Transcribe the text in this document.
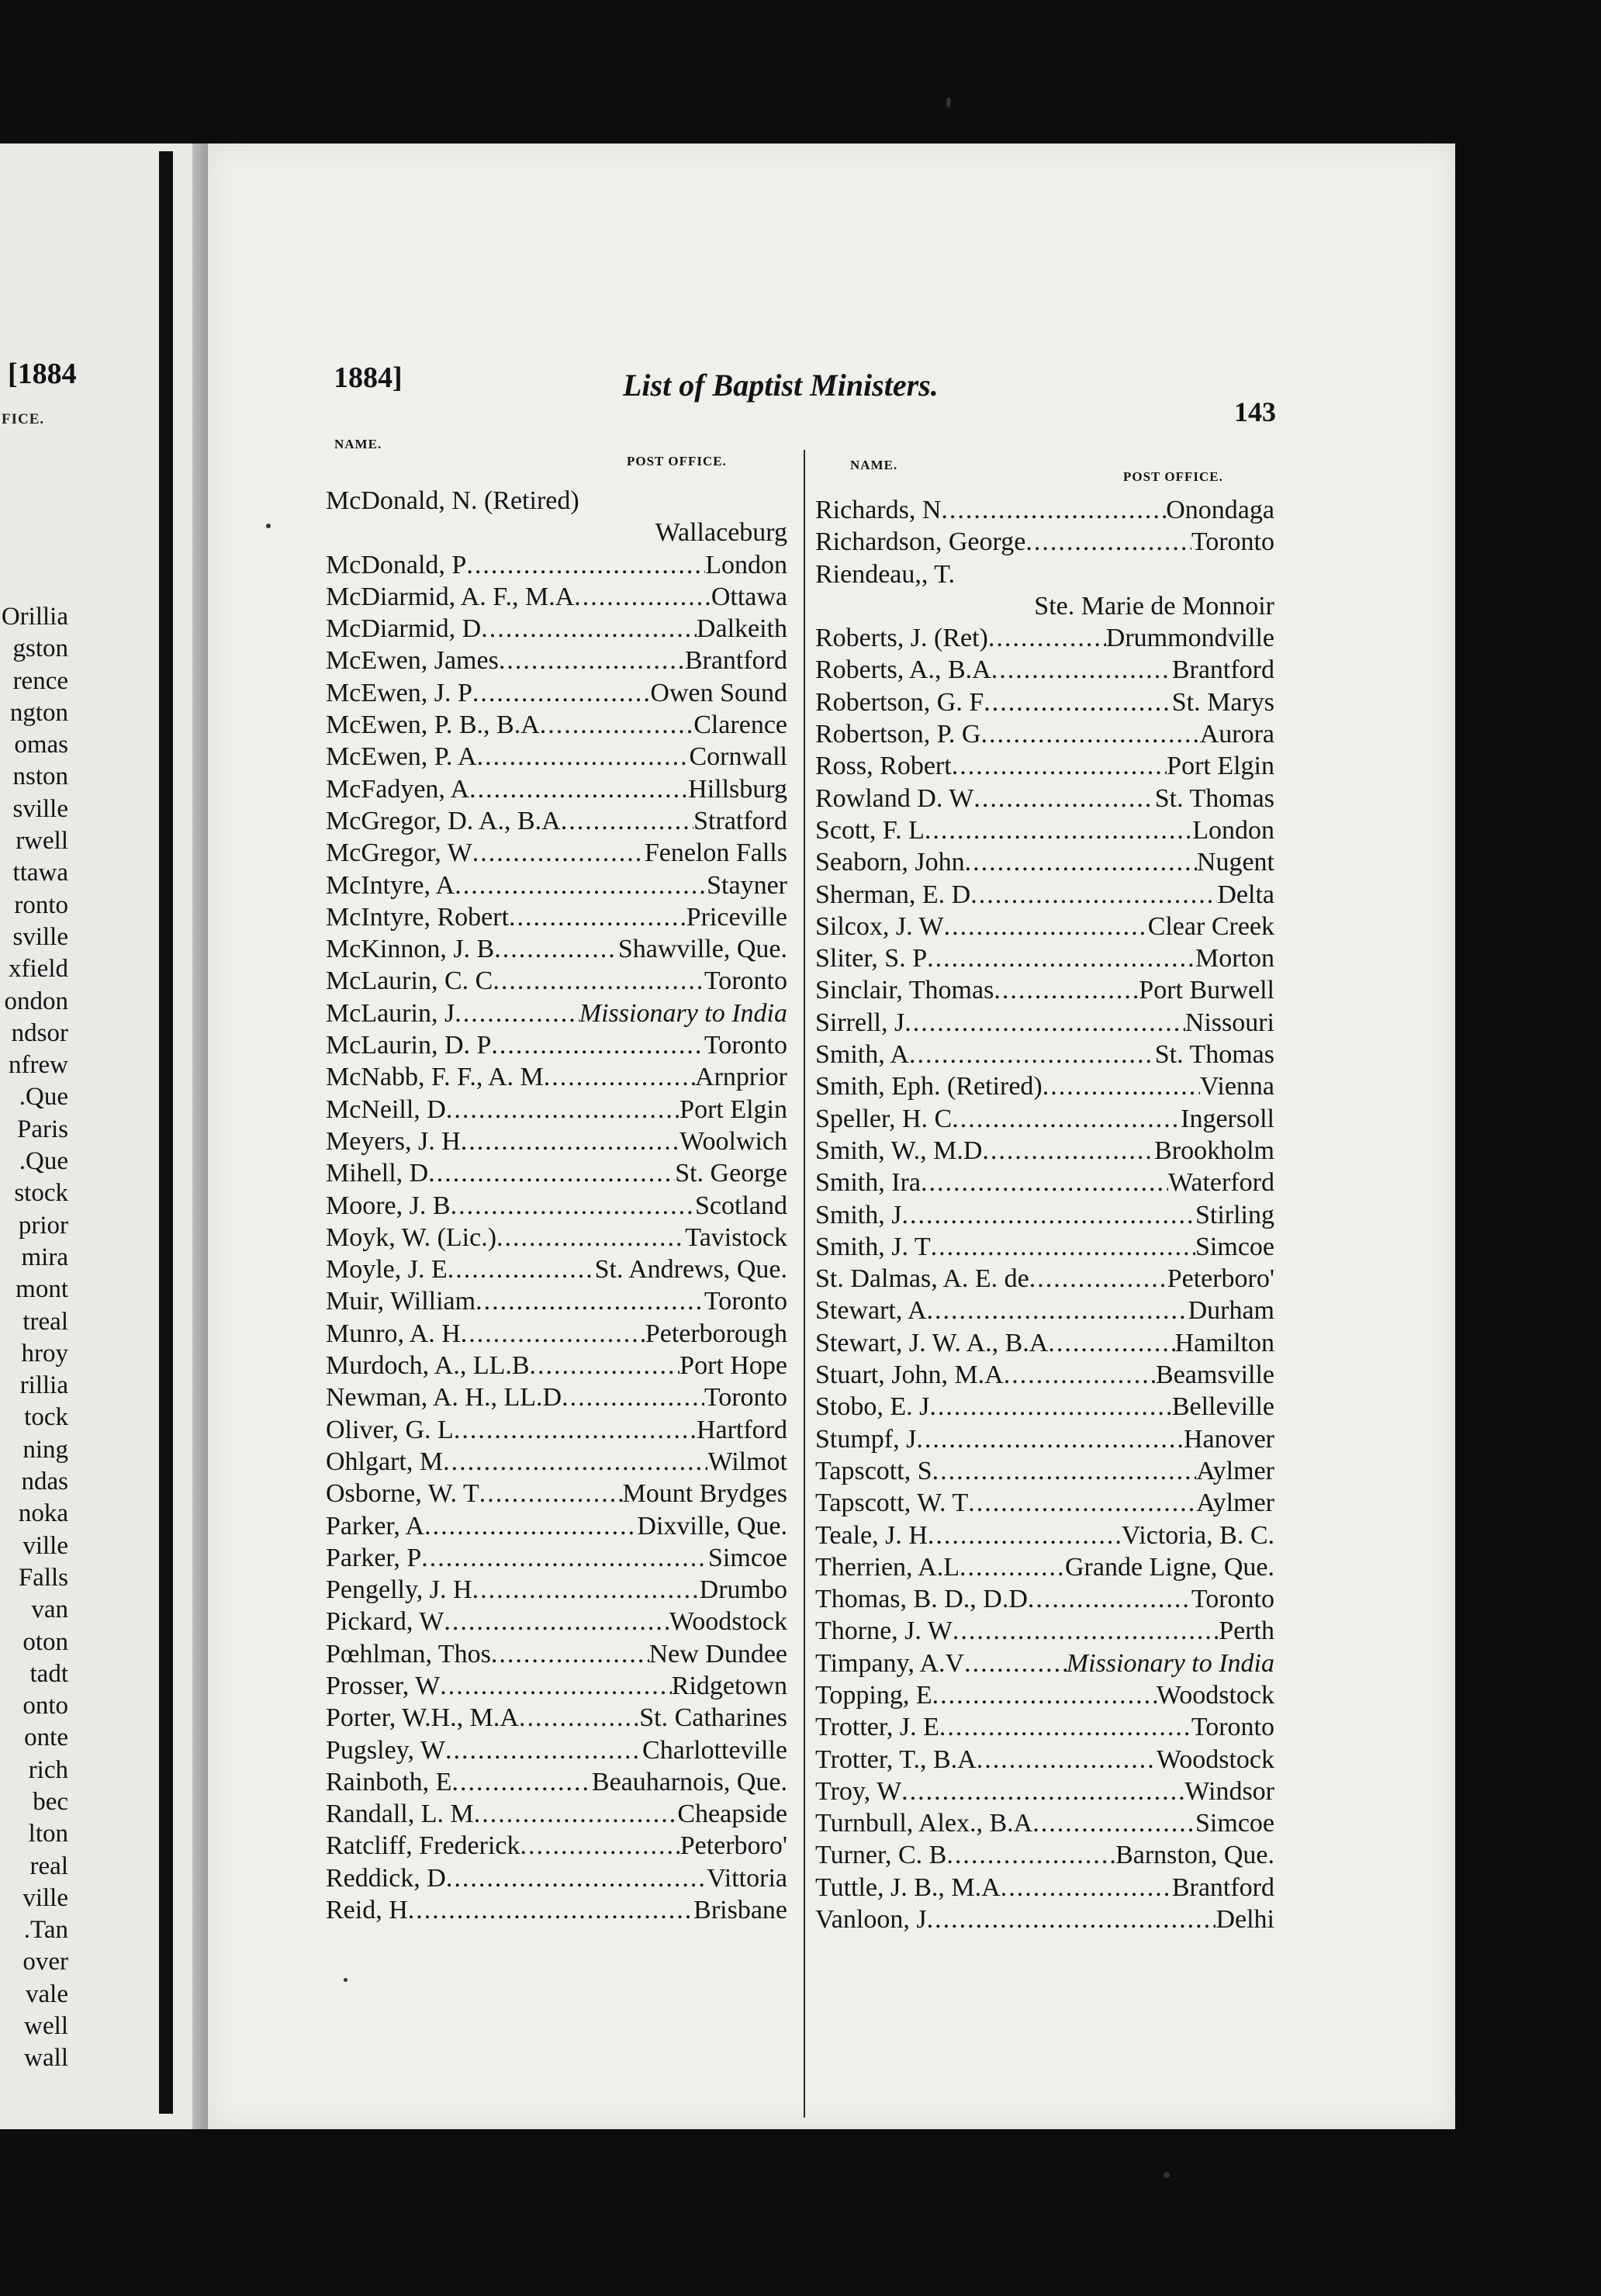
[1884
FICE.
Orillia
gston
rence
ngton
omas
nston
sville
rwell
ttawa
ronto
sville
xfield
ondon
ndsor
nfrew
Que.
Paris
Que.
stock
prior
mira
mont
treal
hroy
rillia
tock
ning
ndas
noka
ville
Falls
van
oton
tadt
onto
onte
rich
bec
lton
real
ville
Tan.
over
vale
well
wall
1884]	List of Baptist Ministers.
143
NAME.
POST OFFICE.	NAME.
POST OFFICE.
McDonald, N. (Retired)
Wallaceburg
McDonald, P .....	London
McDiarmid, A. F., M.A .....	Ottawa
McDiarmid, D .....	Dalkeith
McEwen, James .....	Brantford
McEwen, J. P .....	Owen Sound
McEwen, P. B., B.A .....	Clarence
McEwen, P. A .....	Cornwall
McFadyen, A .....	Hillsburg
McGregor, D. A., B.A .....	Stratford
McGregor, W .....	Fenelon Falls
McIntyre, A .....	Stayner
McIntyre, Robert .....	Priceville
McKinnon, J. B .....	Shawville, Que.
McLaurin, C. C .....	Toronto
McLaurin, J .....	Missionary to India
McLaurin, D. P .....	Toronto
McNabb, F. F., A. M .....	Arnprior
McNeill, D .....	Port Elgin
Meyers, J. H .....	Woolwich
Mihell, D .....	St. George
Moore, J. B .....	Scotland
Moyk, W. (Lic.) .....	Tavistock
Moyle, J. E .....	St. Andrews, Que.
Muir, William .....	Toronto
Munro, A. H .....	Peterborough
Murdoch, A., LL.B .....	Port Hope
Newman, A. H., LL.D .....	Toronto
Oliver, G. L .....	Hartford
Ohlgart, M .....	Wilmot
Osborne, W. T .....	Mount Brydges
Parker, A .....	Dixville, Que.
Parker, P .....	Simcoe
Pengelly, J. H .....	Drumbo
Pickard, W .....	Woodstock
Pœhlman, Thos .....	New Dundee
Prosser, W .....	Ridgetown
Porter, W.H., M.A .....	St. Catharines
Pugsley, W .....	Charlotteville
Rainboth, E .....	Beauharnois, Que.
Randall, L. M .....	Cheapside
Ratcliff, Frederick .....	Peterboro'
Reddick, D .....	Vittoria
Reid, H .....	Brisbane
Richards, N .....	Onondaga
Richardson, George .....	Toronto
Riendeau,, T.
Ste. Marie de Monnoir
Roberts, J. (Ret) .....	Drummondville
Roberts, A., B.A .....	Brantford
Robertson, G. F .....	St. Marys
Robertson, P. G .....	Aurora
Ross, Robert .....	Port Elgin
Rowland D. W .....	St. Thomas
Scott, F. L .....	London
Seaborn, John .....	Nugent
Sherman, E. D .....	Delta
Silcox, J. W .....	Clear Creek
Sliter, S. P .....	Morton
Sinclair, Thomas .....	Port Burwell
Sirrell, J .....	Nissouri
Smith, A .....	St. Thomas
Smith, Eph. (Retired) .....	Vienna
Speller, H. C .....	Ingersoll
Smith, W., M.D .....	Brookholm
Smith, Ira .....	Waterford
Smith, J .....	Stirling
Smith, J. T .....	Simcoe
St. Dalmas, A. E. de .....	Peterboro'
Stewart, A .....	Durham
Stewart, J. W. A., B.A .....	Hamilton
Stuart, John, M.A .....	Beamsville
Stobo, E. J .....	Belleville
Stumpf, J .....	Hanover
Tapscott, S .....	Aylmer
Tapscott, W. T .....	Aylmer
Teale, J. H .....	Victoria, B. C.
Therrien, A.L .....	Grande Ligne, Que.
Thomas, B. D., D.D .....	Toronto
Thorne, J. W .....	Perth
Timpany, A.V .....	Missionary to India
Topping, E .....	Woodstock
Trotter, J. E .....	Toronto
Trotter, T., B.A .....	Woodstock
Troy, W .....	Windsor
Turnbull, Alex., B.A .....	Simcoe
Turner, C. B .....	Barnston, Que.
Tuttle, J. B., M.A .....	Brantford
Vanloon, J .....	Delhi
